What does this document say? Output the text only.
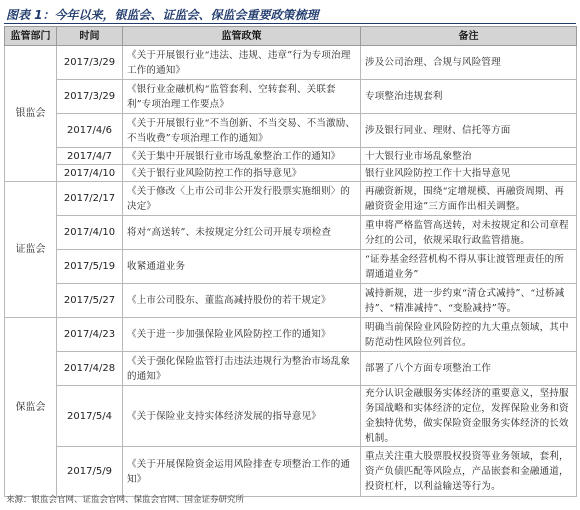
图表 1：今年以来，银监会、证监会、保监会重要政策梳理
监管部门	时间	监管政策	备注
银监会	2017/3/29	《关于开展银行业“违法、违规、违章”行为专项治理工作的通知》	涉及公司治理、合规与风险管理
	2017/3/29	《银行业金融机构“监管套利、空转套利、关联套利”专项治理工作要点》	专项整治违规套利
	2017/4/6	《关于开展银行业“不当创新、不当交易、不当激励、不当收费”专项治理工作的通知》	涉及银行同业、理财、信托等方面
	2017/4/7	《关于集中开展银行业市场乱象整治工作的通知》	十大银行业市场乱象整治
	2017/4/10	《关于银行业风险防控工作的指导意见》	银行业风险防控工作十大指导意见
证监会	2017/2/17	《关于修改〈上市公司非公开发行股票实施细则〉的决定》	再融资新规，围绕“定增规模、再融资周期、再融资资金用途”三方面作出相关调整。
	2017/4/10	将对“高送转”、未按规定分红公司开展专项检查	重申将严格监管高送转，对未按规定和公司章程分红的公司，依规采取行政监管措施。
	2017/5/19	收紧通道业务	“证券基金经营机构不得从事让渡管理责任的所谓通道业务”
	2017/5/27	《上市公司股东、董监高减持股份的若干规定》	减持新规，进一步约束“清仓式减持”、“过桥减持”、“精准减持”、“变脸减持”等。
保监会	2017/4/23	《关于进一步加强保险业风险防控工作的通知》	明确当前保险业风险防控的九大重点领域，其中防范动性风险位列首位。
	2017/4/28	《关于强化保险监管打击违法违规行为整治市场乱象的通知》	部署了八个方面专项整治工作
	2017/5/4	《关于保险业支持实体经济发展的指导意见》	充分认识金融服务实体经济的重要意义，坚持服务国战略和实体经济的定位，发挥保险业务和资金独特优势，做实保险资金服务实体经济的长效机制。
	2017/5/9	《关于开展保险资金运用风险排查专项整治工作的通知》	重点关注重大股票股权投资等业务领域，套利，资产负债匹配等风险点，产品嵌套和金融通道，投资杠杆，以利益输送等行为。
来源：银监会官网、证监会官网、保监会官网、国金证券研究所
